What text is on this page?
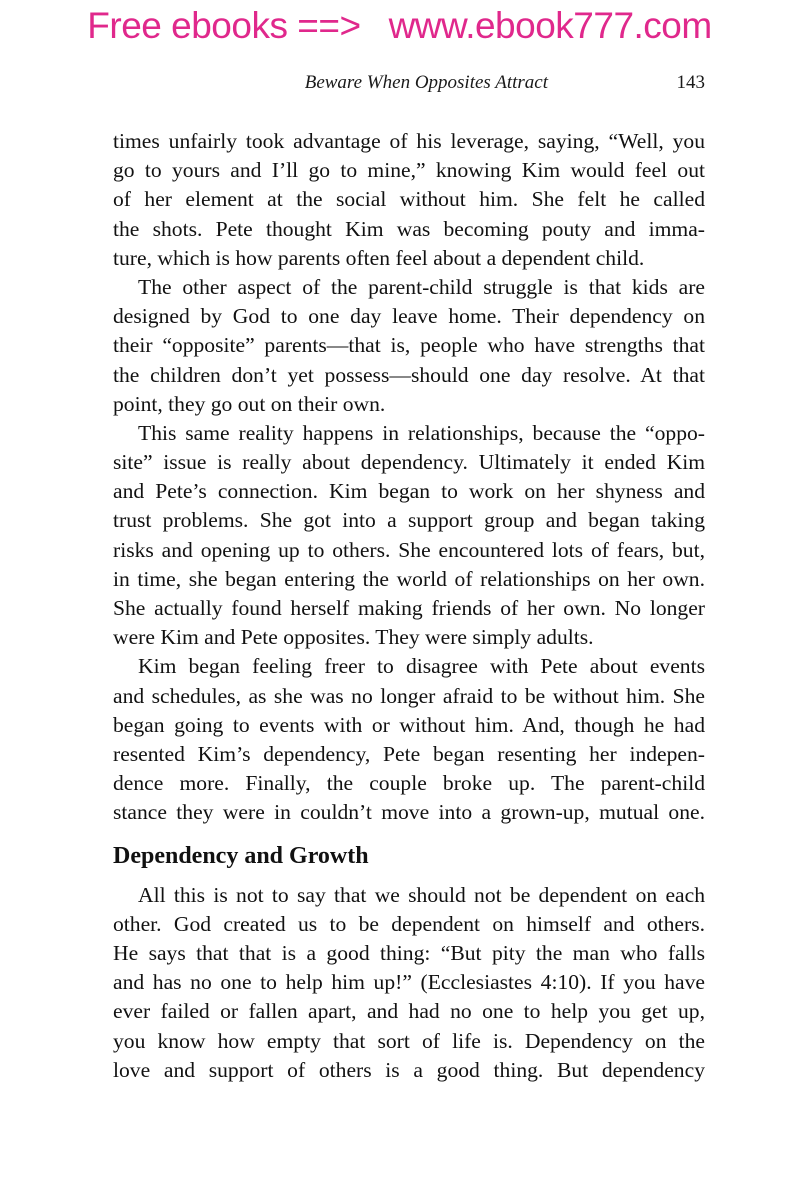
Free ebooks ==> www.ebook777.com
Beware When Opposites Attract	143
times unfairly took advantage of his leverage, saying, “Well, you
go to yours and I’ll go to mine,” knowing Kim would feel out
of her element at the social without him. She felt he called
the shots. Pete thought Kim was becoming pouty and imma-
ture, which is how parents often feel about a dependent child.
The other aspect of the parent-child struggle is that kids are
designed by God to one day leave home. Their dependency on
their “opposite” parents—that is, people who have strengths that
the children don’t yet possess—should one day resolve. At that
point, they go out on their own.
This same reality happens in relationships, because the “oppo-
site” issue is really about dependency. Ultimately it ended Kim
and Pete’s connection. Kim began to work on her shyness and
trust problems. She got into a support group and began taking
risks and opening up to others. She encountered lots of fears, but,
in time, she began entering the world of relationships on her own.
She actually found herself making friends of her own. No longer
were Kim and Pete opposites. They were simply adults.
Kim began feeling freer to disagree with Pete about events
and schedules, as she was no longer afraid to be without him. She
began going to events with or without him. And, though he had
resented Kim’s dependency, Pete began resenting her indepen-
dence more. Finally, the couple broke up. The parent-child
stance they were in couldn’t move into a grown-up, mutual one.
Dependency and Growth
All this is not to say that we should not be dependent on each
other. God created us to be dependent on himself and others.
He says that that is a good thing: “But pity the man who falls
and has no one to help him up!” (Ecclesiastes 4:10). If you have
ever failed or fallen apart, and had no one to help you get up,
you know how empty that sort of life is. Dependency on the
love and support of others is a good thing. But dependency
